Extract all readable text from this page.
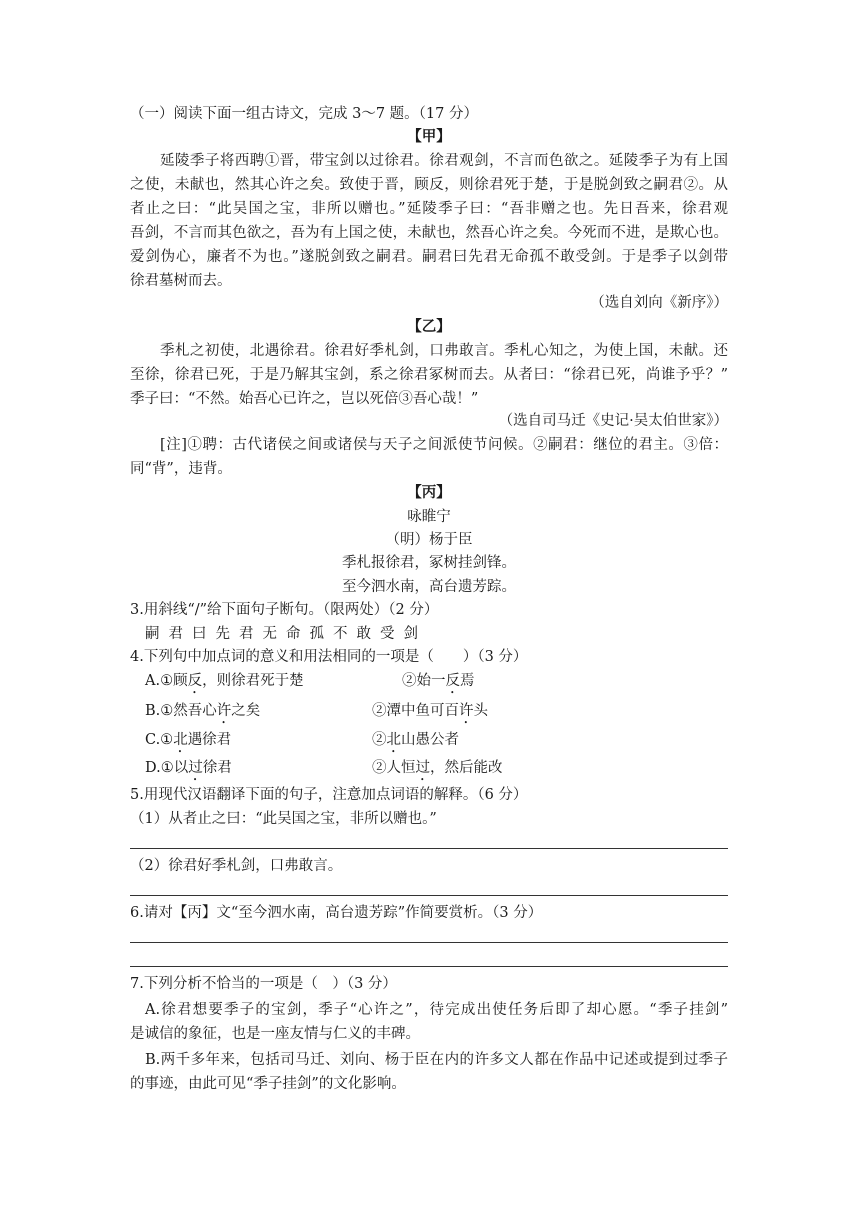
（一）阅读下面一组古诗文，完成 3～7 题。（17 分）
【甲】
延陵季子将西聘①晋，带宝剑以过徐君。徐君观剑，不言而色欲之。延陵季子为有上国
之使，未献也，然其心许之矣。致使于晋，顾反，则徐君死于楚，于是脱剑致之嗣君②。从
者止之曰：“此吴国之宝，非所以赠也。”延陵季子曰：“吾非赠之也。先日吾来，徐君观
吾剑，不言而其色欲之，吾为有上国之使，未献也，然吾心许之矣。今死而不进，是欺心也。
爱剑伪心，廉者不为也。”遂脱剑致之嗣君。嗣君曰先君无命孤不敢受剑。于是季子以剑带
徐君墓树而去。
（选自刘向《新序》）
【乙】
季札之初使，北遇徐君。徐君好季札剑，口弗敢言。季札心知之，为使上国，未献。还
至徐，徐君已死，于是乃解其宝剑，系之徐君冢树而去。从者曰：“徐君已死，尚谁予乎？”
季子曰：“不然。始吾心已许之，岂以死倍③吾心哉！”
（选自司马迁《史记·吴太伯世家》）
[注]①聘：古代诸侯之间或诸侯与天子之间派使节问候。②嗣君：继位的君主。③倍：
同“背”，违背。
【丙】
咏睢宁
（明）杨于臣
季札报徐君，冢树挂剑锋。
至今泗水南，高台遗芳踪。
3.用斜线“/”给下面句子断句。（限两处）（2 分）
嗣君曰先君无命孤不敢受剑
4.下列句中加点词的意义和用法相同的一项是（　　）（3 分）
A.①顾反，则徐君死于楚	②始一反焉
B.①然吾心许之矣	②潭中鱼可百许头
C.①北遇徐君	②北山愚公者
D.①以过徐君	②人恒过，然后能改
5.用现代汉语翻译下面的句子，注意加点词语的解释。（6 分）
（1）从者止之曰：“此吴国之宝，非所以赠也。”
（2）徐君好季札剑，口弗敢言。
6.请对【丙】文“至今泗水南，高台遗芳踪”作简要赏析。（3 分）
7.下列分析不恰当的一项是（　）（3 分）
A.徐君想要季子的宝剑，季子“心许之”，待完成出使任务后即了却心愿。“季子挂剑”
是诚信的象征，也是一座友情与仁义的丰碑。
B.两千多年来，包括司马迁、刘向、杨于臣在内的许多文人都在作品中记述或提到过季子
的事迹，由此可见“季子挂剑”的文化影响。
